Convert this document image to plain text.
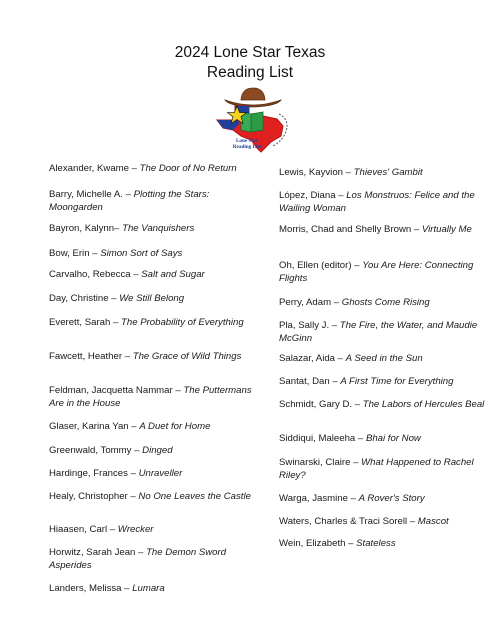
2024 Lone Star Texas
Reading List
Lone Star
Reading List
Alexander, Kwame – The Door of No Return
Barry, Michelle A. – Plotting the Stars: Moongarden
Bayron, Kalynn– The Vanquishers
Bow, Erin – Simon Sort of Says
Carvalho, Rebecca – Salt and Sugar
Day, Christine – We Still Belong
Everett, Sarah – The Probability of Everything
Fawcett, Heather – The Grace of Wild Things
Feldman, Jacquetta Nammar – The Puttermans Are in the House
Glaser, Karina Yan – A Duet for Home
Greenwald, Tommy – Dinged
Hardinge, Frances – Unraveller
Healy, Christopher – No One Leaves the Castle
Hiaasen, Carl – Wrecker
Horwitz, Sarah Jean – The Demon Sword Asperides
Landers, Melissa – Lumara
Lewis, Kayvion – Thieves' Gambit
López, Diana – Los Monstruos: Felice and the Wailing Woman
Morris, Chad and Shelly Brown – Virtually Me
Oh, Ellen (editor) – You Are Here: Connecting Flights
Perry, Adam – Ghosts Come Rising
Pla, Sally J. – The Fire, the Water, and Maudie McGinn
Salazar, Aida – A Seed in the Sun
Santat, Dan – A First Time for Everything
Schmidt, Gary D. – The Labors of Hercules Beal
Siddiqui, Maleeha – Bhai for Now
Swinarski, Claire – What Happened to Rachel Riley?
Warga, Jasmine – A Rover's Story
Waters, Charles & Traci Sorell – Mascot
Wein, Elizabeth – Stateless
